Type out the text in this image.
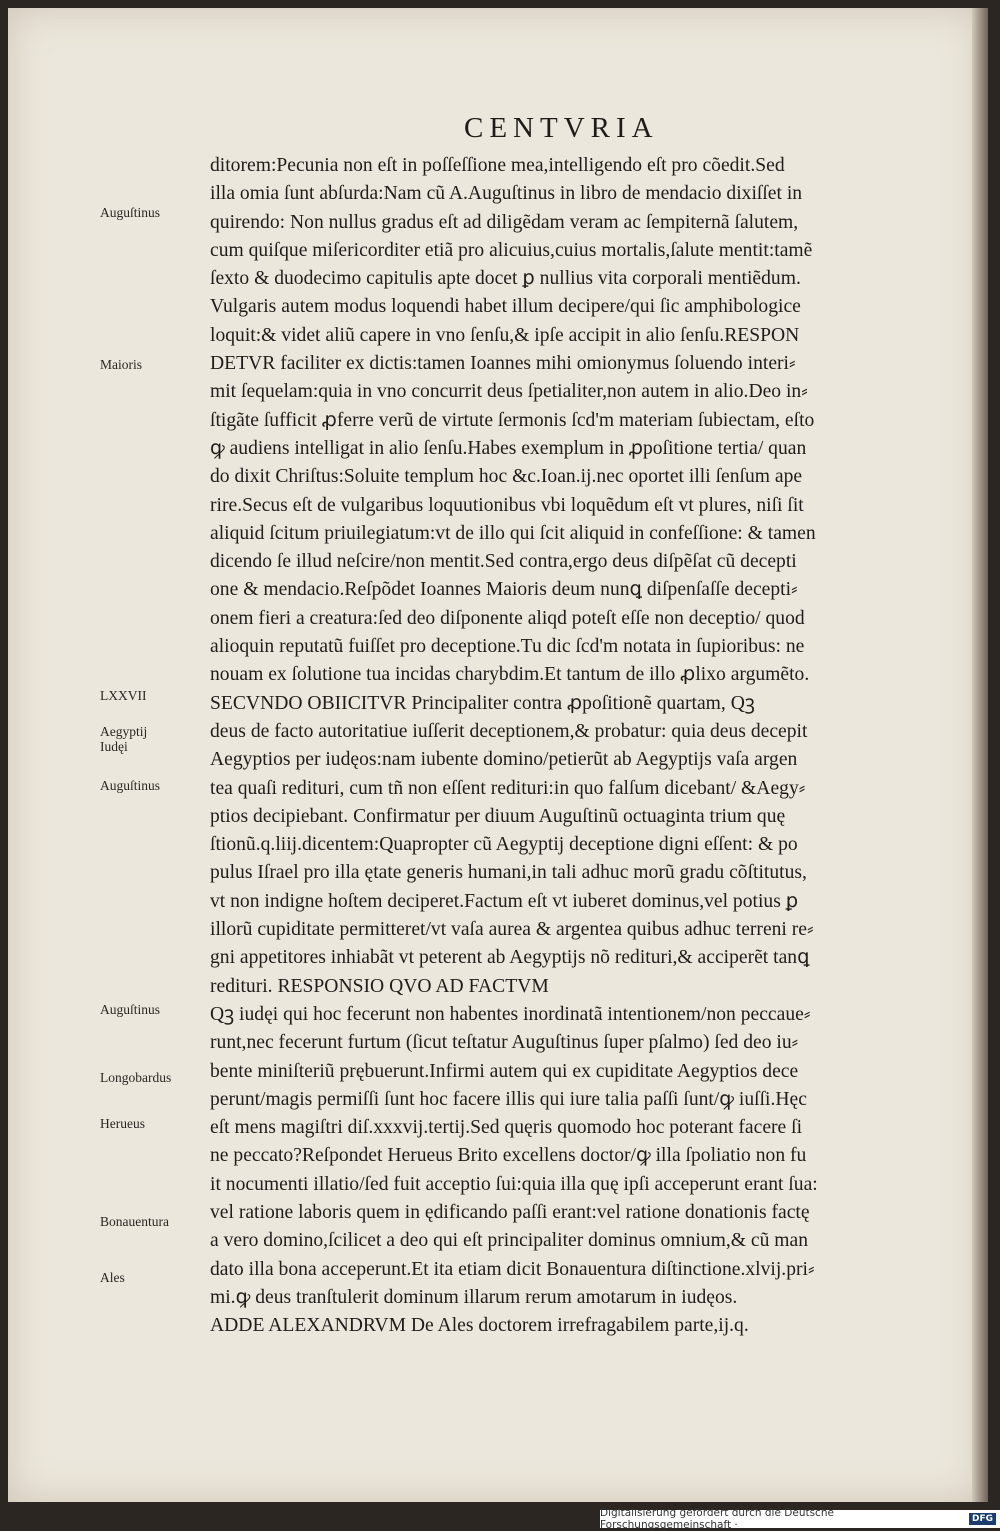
CENTVRIA
ditorem:Pecunia non eſt in poſſeſſione mea,intelligendo eſt pro cõedit.Sed
illa omia ſunt abſurda:Nam cũ A.Auguſtinus in libro de mendacio dixiſſet in
quirendo: Non nullus gradus eſt ad diligẽdam veram ac ſempiternã ſalutem,
cum quiſque miſericorditer etiã pro alicuius,cuius mortalis,ſalute mentit:tamẽ
ſexto & duodecimo capitulis apte docet ꝑ nullius vita corporali mentiẽdum.
Vulgaris autem modus loquendi habet illum decipere/qui ſic amphibologice
loquit:& videt aliũ capere in vno ſenſu,& ipſe accipit in alio ſenſu.RESPON
DETVR faciliter ex dictis:tamen Ioannes mihi omionymus ſoluendo interi⸗
mit ſequelam:quia in vno concurrit deus ſpetialiter,non autem in alio.Deo in⸗
ſtigãte ſufficit ꝓferre verũ de virtute ſermonis ſcd'm materiam ſubiectam, eſto
ꝙ audiens intelligat in alio ſenſu.Habes exemplum in ꝓpoſitione tertia/ quan
do dixit Chriſtus:Soluite templum hoc &c.Ioan.ij.nec oportet illi ſenſum ape
rire.Secus eſt de vulgaribus loquutionibus vbi loquẽdum eſt vt plures, niſi ſit
aliquid ſcitum priuilegiatum:vt de illo qui ſcit aliquid in confeſſione: & tamen
dicendo ſe illud neſcire/non mentit.Sed contra,ergo deus diſpẽſat cũ decepti
one & mendacio.Reſpõdet Ioannes Maioris deum nunꝗ diſpenſaſſe decepti⸗
onem fieri a creatura:ſed deo diſponente aliqd poteſt eſſe non deceptio/ quod
alioquin reputatũ fuiſſet pro deceptione.Tu dic ſcd'm notata in ſupioribus: ne
nouam ex ſolutione tua incidas charybdim.Et tantum de illo ꝓlixo argumẽto.
SECVNDO OBIICITVR Principaliter contra ꝓpoſitionẽ quartam, Qꝫ
deus de facto autoritatiue iuſſerit deceptionem,& probatur: quia deus decepit
Aegyptios per iudęos:nam iubente domino/petierũt ab Aegyptijs vaſa argen
tea quaſi redituri, cum tñ non eſſent redituri:in quo falſum dicebant/ &Aegy⸗
ptios decipiebant. Confirmatur per diuum Auguſtinũ octuaginta trium quę
ſtionũ.q.liij.dicentem:Quapropter cũ Aegyptij deceptione digni eſſent: & po
pulus Iſrael pro illa ętate generis humani,in tali adhuc morũ gradu cõſtitutus,
vt non indigne hoſtem deciperet.Factum eſt vt iuberet dominus,vel potius ꝑ
illorũ cupiditate permitteret/vt vaſa aurea & argentea quibus adhuc terreni re⸗
gni appetitores inhiabãt vt peterent ab Aegyptijs nõ redituri,& acciperẽt tanꝗ
redituri. RESPONSIO QVO AD FACTVM
Qꝫ iudęi qui hoc fecerunt non habentes inordinatã intentionem/non peccaue⸗
runt,nec fecerunt furtum (ſicut teſtatur Auguſtinus ſuper pſalmo) ſed deo iu⸗
bente miniſteriũ prębuerunt.Infirmi autem qui ex cupiditate Aegyptios dece
perunt/magis permiſſi ſunt hoc facere illis qui iure talia paſſi ſunt/ꝙ iuſſi.Hęc
eſt mens magiſtri diſ.xxxvij.tertij.Sed quęris quomodo hoc poterant facere ſi
ne peccato?Reſpondet Herueus Brito excellens doctor/ꝙ illa ſpoliatio non fu
it nocumenti illatio/ſed fuit acceptio ſui:quia illa quę ipſi acceperunt erant ſua:
vel ratione laboris quem in ędificando paſſi erant:vel ratione donationis factę
a vero domino,ſcilicet a deo qui eſt principaliter dominus omnium,& cũ man
dato illa bona acceperunt.Et ita etiam dicit Bonauentura diſtinctione.xlvij.pri⸗
mi.ꝙ deus tranſtulerit dominum illarum rerum amotarum in iudęos.
ADDE ALEXANDRVM De Ales doctorem irrefragabilem parte,ij.q.
Auguſtinus
Maioris
LXXVII
Aegyptij Iudęi
Auguſtinus
Auguſtinus
Longobardus
Herueus
Bonauentura
Ales
Digitalisierung gefördert durch die Deutsche Forschungsgemeinschaft ·	DFG
